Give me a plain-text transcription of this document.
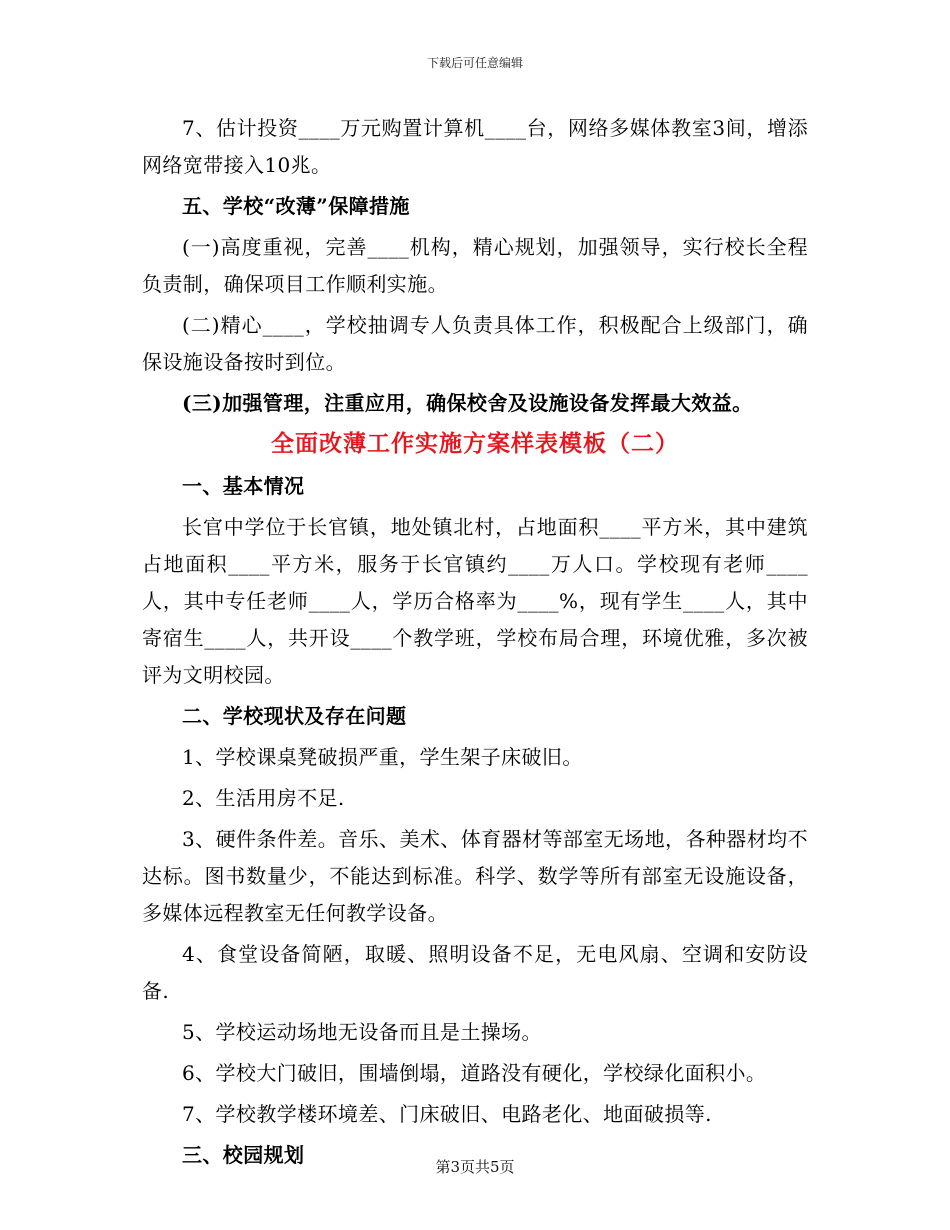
下载后可任意编辑

7、估计投资____万元购置计算机____台，网络多媒体教室3间，增添网络宽带接入10兆。

五、学校“改薄”保障措施

(一)高度重视，完善____机构，精心规划，加强领导，实行校长全程负责制，确保项目工作顺利实施。

(二)精心____，学校抽调专人负责具体工作，积极配合上级部门，确保设施设备按时到位。

(三)加强管理，注重应用，确保校舍及设施设备发挥最大效益。

全面改薄工作实施方案样表模板（二）

一、基本情况

长官中学位于长官镇，地处镇北村，占地面积____平方米，其中建筑占地面积____平方米，服务于长官镇约____万人口。学校现有老师____人，其中专任老师____人，学历合格率为____%，现有学生____人，其中寄宿生____人，共开设____个教学班，学校布局合理，环境优雅，多次被评为文明校园。

二、学校现状及存在问题

1、学校课桌凳破损严重，学生架子床破旧。

2、生活用房不足.

3、硬件条件差。音乐、美术、体育器材等部室无场地，各种器材均不达标。图书数量少，不能达到标准。科学、数学等所有部室无设施设备，多媒体远程教室无任何教学设备。

4、食堂设备简陋，取暖、照明设备不足，无电风扇、空调和安防设备.

5、学校运动场地无设备而且是土操场。

6、学校大门破旧，围墙倒塌，道路没有硬化，学校绿化面积小。

7、学校教学楼环境差、门床破旧、电路老化、地面破损等.

三、校园规划	第3页共5页
